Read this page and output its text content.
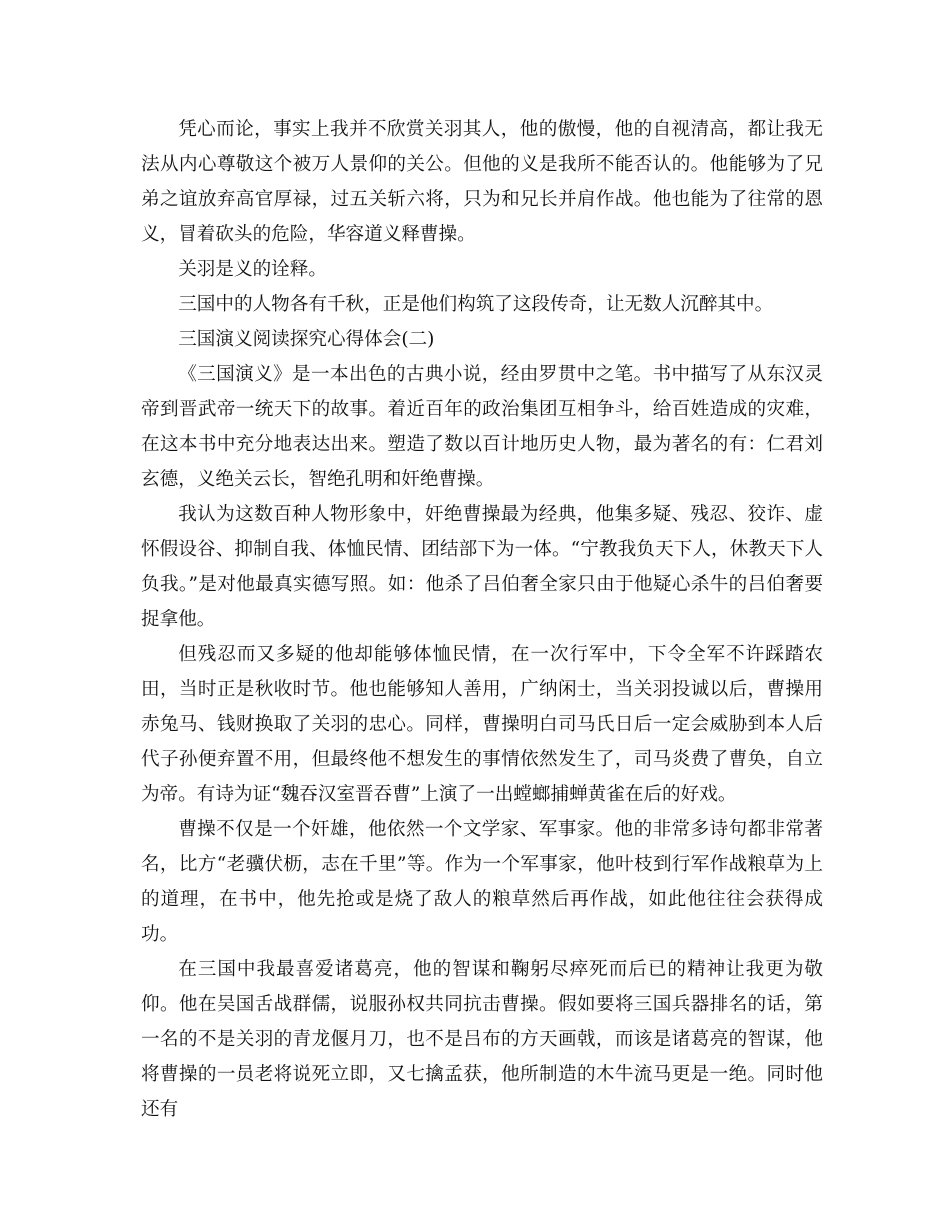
凭心而论，事实上我并不欣赏关羽其人，他的傲慢，他的自视清高，都让我无法从内心尊敬这个被万人景仰的关公。但他的义是我所不能否认的。他能够为了兄弟之谊放弃高官厚禄，过五关斩六将，只为和兄长并肩作战。他也能为了往常的恩义，冒着砍头的危险，华容道义释曹操。

关羽是义的诠释。

三国中的人物各有千秋，正是他们构筑了这段传奇，让无数人沉醉其中。

三国演义阅读探究心得体会(二)

《三国演义》是一本出色的古典小说，经由罗贯中之笔。书中描写了从东汉灵帝到晋武帝一统天下的故事。着近百年的政治集团互相争斗，给百姓造成的灾难，在这本书中充分地表达出来。塑造了数以百计地历史人物，最为著名的有：仁君刘玄德，义绝关云长，智绝孔明和奸绝曹操。

我认为这数百种人物形象中，奸绝曹操最为经典，他集多疑、残忍、狡诈、虚怀假设谷、抑制自我、体恤民情、团结部下为一体。“宁教我负天下人，休教天下人负我。”是对他最真实德写照。如：他杀了吕伯奢全家只由于他疑心杀牛的吕伯奢要捉拿他。

但残忍而又多疑的他却能够体恤民情，在一次行军中，下令全军不许踩踏农田，当时正是秋收时节。他也能够知人善用，广纳闲士，当关羽投诚以后，曹操用赤兔马、钱财换取了关羽的忠心。同样，曹操明白司马氏日后一定会威胁到本人后代子孙便弃置不用，但最终他不想发生的事情依然发生了，司马炎费了曹奂，自立为帝。有诗为证“魏吞汉室晋吞曹”上演了一出螳螂捕蝉黄雀在后的好戏。

曹操不仅是一个奸雄，他依然一个文学家、军事家。他的非常多诗句都非常著名，比方“老骥伏枥，志在千里”等。作为一个军事家，他叶枝到行军作战粮草为上的道理，在书中，他先抢或是烧了敌人的粮草然后再作战，如此他往往会获得成功。

在三国中我最喜爱诸葛亮，他的智谋和鞠躬尽瘁死而后已的精神让我更为敬仰。他在吴国舌战群儒，说服孙权共同抗击曹操。假如要将三国兵器排名的话，第一名的不是关羽的青龙偃月刀，也不是吕布的方天画戟，而该是诸葛亮的智谋，他将曹操的一员老将说死立即，又七擒孟获，他所制造的木牛流马更是一绝。同时他还有
